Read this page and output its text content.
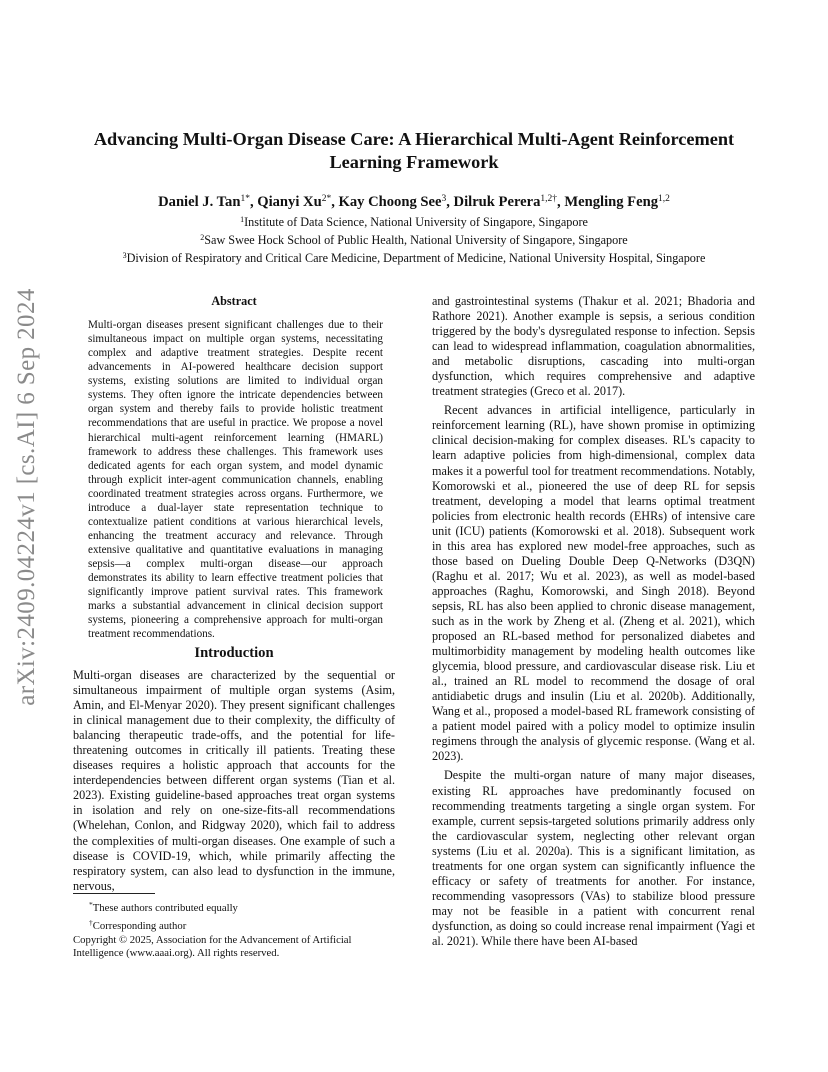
arXiv:2409.04224v1 [cs.AI] 6 Sep 2024
Advancing Multi-Organ Disease Care: A Hierarchical Multi-Agent Reinforcement Learning Framework
Daniel J. Tan$^{1*}$, Qianyi $Xu^{2*}$, Kay Choong See$^3$, Dilruk Perera$^{1,2\dagger}$, Mengling Feng$^{1,2}$
$^1$Institute of Data Science, National University of Singapore, Singapore
$^2$Saw Swee Hock School of Public Health, National University of Singapore, Singapore
$^3$Division of Respiratory and Critical Care Medicine, Department of Medicine, National University Hospital, Singapore
Abstract
Multi-organ diseases present significant challenges due to their simultaneous impact on multiple organ systems, necessitating complex and adaptive treatment strategies. Despite recent advancements in AI-powered healthcare decision support systems, existing solutions are limited to individual organ systems. They often ignore the intricate dependencies between organ system and thereby fails to provide holistic treatment recommendations that are useful in practice. We propose a novel hierarchical multi-agent reinforcement learning (HMARL) framework to address these challenges. This framework uses dedicated agents for each organ system, and model dynamic through explicit inter-agent communication channels, enabling coordinated treatment strategies across organs. Furthermore, we introduce a dual-layer state representation technique to contextualize patient conditions at various hierarchical levels, enhancing the treatment accuracy and relevance. Through extensive qualitative and quantitative evaluations in managing sepsis—a complex multi-organ disease—our approach demonstrates its ability to learn effective treatment policies that significantly improve patient survival rates. This framework marks a substantial advancement in clinical decision support systems, pioneering a comprehensive approach for multi-organ treatment recommendations.
Introduction

Multi-organ diseases are characterized by the sequential or simultaneous impairment of multiple organ systems (Asim, Amin, and El-Menyar 2020). They present significant challenges in clinical management due to their complexity, the difficulty of balancing therapeutic trade-offs, and the potential for life-threatening outcomes in critically ill patients. Treating these diseases requires a holistic approach that accounts for the interdependencies between different organ systems (Tian et al. 2023). Existing guideline-based approaches treat organ systems in isolation and rely on one-size-fits-all recommendations (Whelehan, Conlon, and Ridgway 2020), which fail to address the complexities of multi-organ diseases. One example of such a disease is COVID-19, which, while primarily affecting the respiratory system, can also lead to dysfunction in the immune, nervous,

*These authors contributed equally
†Corresponding author
Copyright © 2025, Association for the Advancement of Artificial Intelligence (www.aaai.org). All rights reserved.

and gastrointestinal systems (Thakur et al. 2021; Bhadoria and Rathore 2021). Another example is sepsis, a serious condition triggered by the body's dysregulated response to infection. Sepsis can lead to widespread inflammation, coagulation abnormalities, and metabolic disruptions, cascading into multi-organ dysfunction, which requires comprehensive and adaptive treatment strategies (Greco et al. 2017).

Recent advances in artificial intelligence, particularly in reinforcement learning (RL), have shown promise in optimizing clinical decision-making for complex diseases. RL's capacity to learn adaptive policies from high-dimensional, complex data makes it a powerful tool for treatment recommendations. Notably, Komorowski et al., pioneered the use of deep RL for sepsis treatment, developing a model that learns optimal treatment policies from electronic health records (EHRs) of intensive care unit (ICU) patients (Komorowski et al. 2018). Subsequent work in this area has explored new model-free approaches, such as those based on Dueling Double Deep Q-Networks (D3QN) (Raghu et al. 2017; Wu et al. 2023), as well as model-based approaches (Raghu, Komorowski, and Singh 2018). Beyond sepsis, RL has also been applied to chronic disease management, such as in the work by Zheng et al. (Zheng et al. 2021), which proposed an RL-based method for personalized diabetes and multimorbidity management by modeling health outcomes like glycemia, blood pressure, and cardiovascular disease risk. Liu et al., trained an RL model to recommend the dosage of oral antidiabetic drugs and insulin (Liu et al. 2020b). Additionally, Wang et al., proposed a model-based RL framework consisting of a patient model paired with a policy model to optimize insulin regimens through the analysis of glycemic response. (Wang et al. 2023).

Despite the multi-organ nature of many major diseases, existing RL approaches have predominantly focused on recommending treatments targeting a single organ system. For example, current sepsis-targeted solutions primarily address only the cardiovascular system, neglecting other relevant organ systems (Liu et al. 2020a). This is a significant limitation, as treatments for one organ system can significantly influence the efficacy or safety of treatments for another. For instance, recommending vasopressors (VAs) to stabilize blood pressure may not be feasible in a patient with concurrent renal dysfunction, as doing so could increase renal impairment (Yagi et al. 2021). While there have been AI-based
